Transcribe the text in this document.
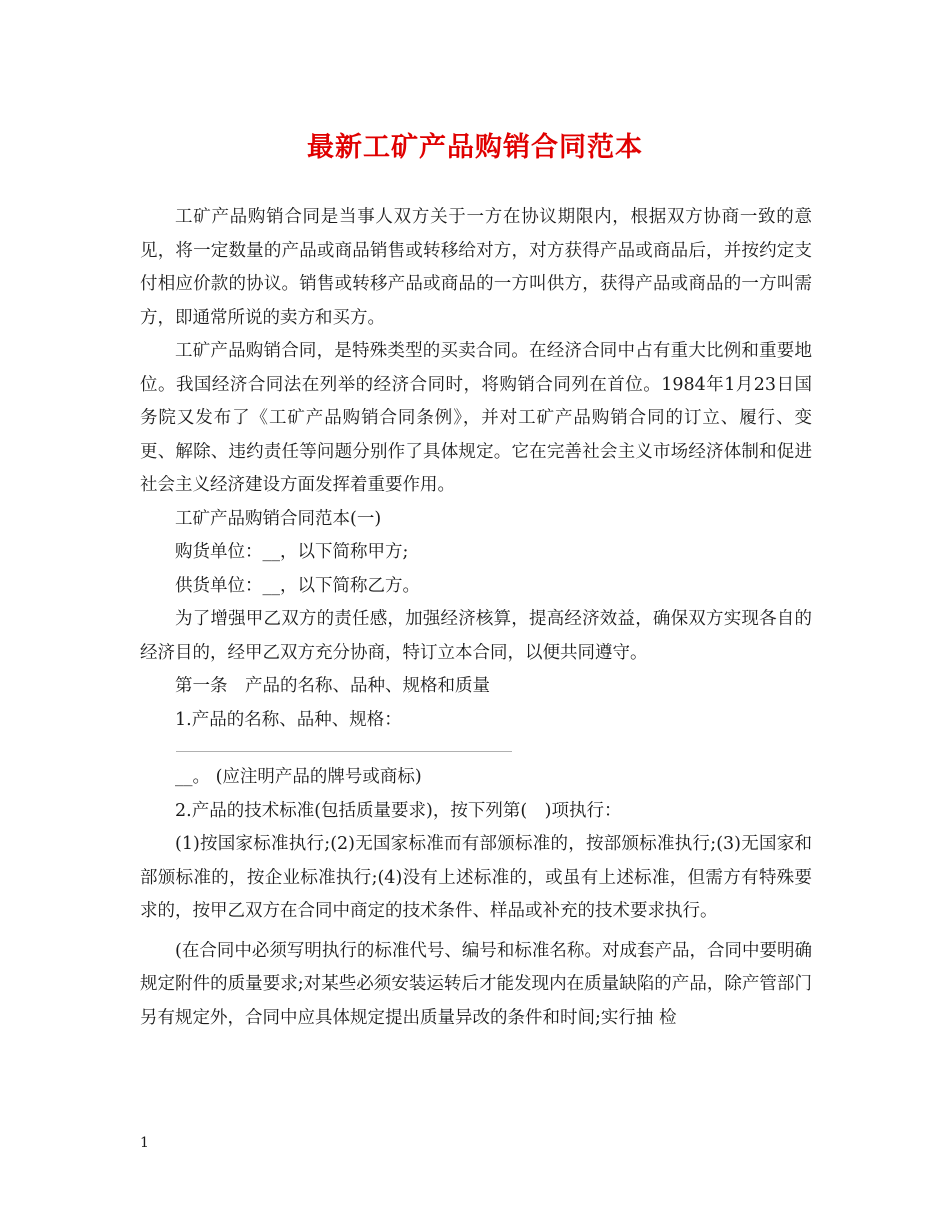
最新工矿产品购销合同范本

工矿产品购销合同是当事人双方关于一方在协议期限内，根据双方协商一致的意见，将一定数量的产品或商品销售或转移给对方，对方获得产品或商品后，并按约定支付相应价款的协议。销售或转移产品或商品的一方叫供方，获得产品或商品的一方叫需方，即通常所说的卖方和买方。

工矿产品购销合同，是特殊类型的买卖合同。在经济合同中占有重大比例和重要地位。我国经济合同法在列举的经济合同时，将购销合同列在首位。1984年1月23日国务院又发布了《工矿产品购销合同条例》，并对工矿产品购销合同的订立、履行、变更、解除、违约责任等问题分别作了具体规定。它在完善社会主义市场经济体制和促进社会主义经济建设方面发挥着重要作用。

工矿产品购销合同范本(一)

购货单位：__，以下简称甲方;

供货单位：__，以下简称乙方。

为了增强甲乙双方的责任感，加强经济核算，提高经济效益，确保双方实现各自的经济目的，经甲乙双方充分协商，特订立本合同，以便共同遵守。

第一条　产品的名称、品种、规格和质量

1.产品的名称、品种、规格：

__。 (应注明产品的牌号或商标)

2.产品的技术标准(包括质量要求)，按下列第(　)项执行：

(1)按国家标准执行;(2)无国家标准而有部颁标准的，按部颁标准执行;(3)无国家和部颁标准的，按企业标准执行;(4)没有上述标准的，或虽有上述标准，但需方有特殊要求的，按甲乙双方在合同中商定的技术条件、样品或补充的技术要求执行。

(在合同中必须写明执行的标准代号、编号和标准名称。对成套产品，合同中要明确规定附件的质量要求;对某些必须安装运转后才能发现内在质量缺陷的产品，除产管部门另有规定外，合同中应具体规定提出质量异改的条件和时间;实行抽 检

1
